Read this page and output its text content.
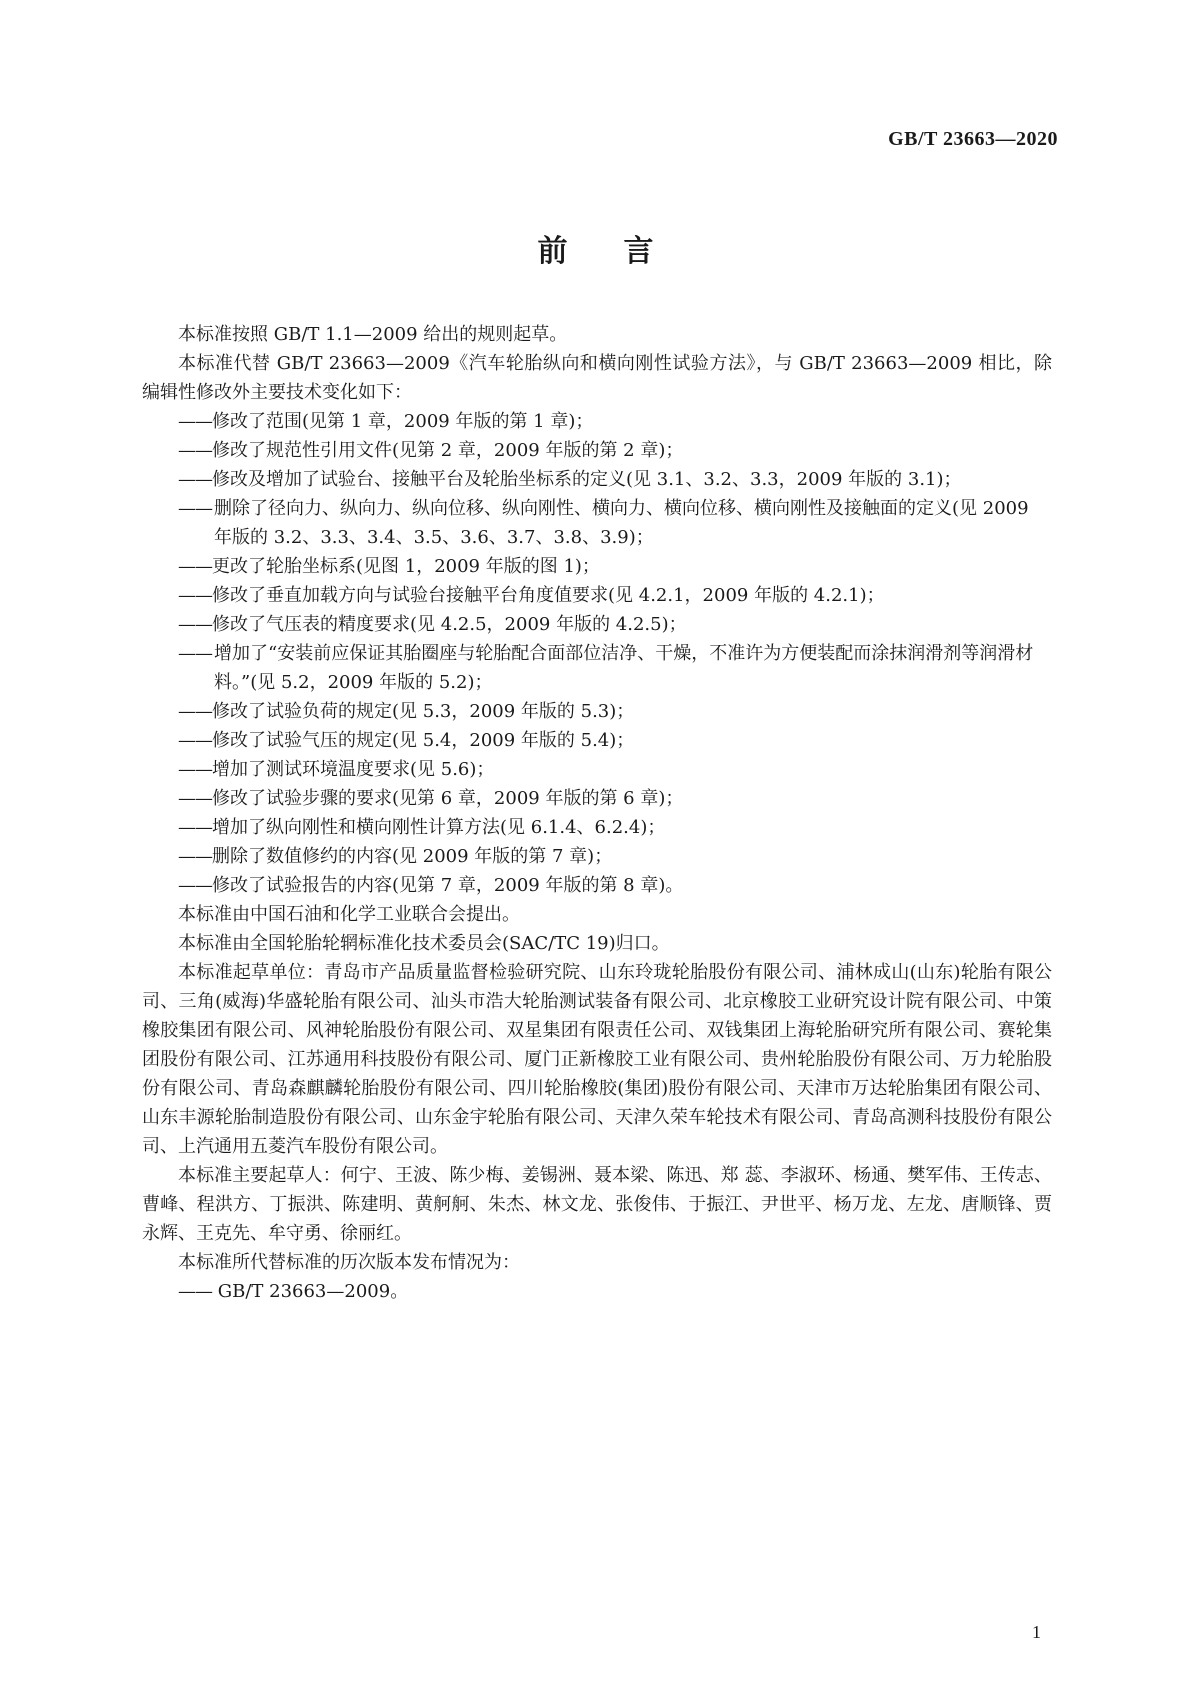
GB/T 23663—2020
前言

本标准按照 GB/T 1.1—2009 给出的规则起草。

本标准代替 GB/T 23663—2009《汽车轮胎纵向和横向刚性试验方法》，与 GB/T 23663—2009 相比，除编辑性修改外主要技术变化如下：

——修改了范围(见第 1 章，2009 年版的第 1 章)；

——修改了规范性引用文件(见第 2 章，2009 年版的第 2 章)；

——修改及增加了试验台、接触平台及轮胎坐标系的定义(见 3.1、3.2、3.3，2009 年版的 3.1)；

—— 删除了径向力、纵向力、纵向位移、纵向刚性、横向力、横向位移、横向刚性及接触面的定义(见 2009 年版的 3.2、3.3、3.4、3.5、3.6、3.7、3.8、3.9)；

——更改了轮胎坐标系(见图 1，2009 年版的图 1)；

——修改了垂直加载方向与试验台接触平台角度值要求(见 4.2.1，2009 年版的 4.2.1)；

——修改了气压表的精度要求(见 4.2.5，2009 年版的 4.2.5)；

—— 增加了“安装前应保证其胎圈座与轮胎配合面部位洁净、干燥，不准许为方便装配而涂抹润滑剂等润滑材料。”(见 5.2，2009 年版的 5.2)；

——修改了试验负荷的规定(见 5.3，2009 年版的 5.3)；

——修改了试验气压的规定(见 5.4，2009 年版的 5.4)；

——增加了测试环境温度要求(见 5.6)；

——修改了试验步骤的要求(见第 6 章，2009 年版的第 6 章)；

——增加了纵向刚性和横向刚性计算方法(见 6.1.4、6.2.4)；

——删除了数值修约的内容(见 2009 年版的第 7 章)；

——修改了试验报告的内容(见第 7 章，2009 年版的第 8 章)。

本标准由中国石油和化学工业联合会提出。

本标准由全国轮胎轮辋标准化技术委员会(SAC/TC 19)归口。

本标准起草单位：青岛市产品质量监督检验研究院、山东玲珑轮胎股份有限公司、浦林成山(山东)轮胎有限公司、三角(威海)华盛轮胎有限公司、汕头市浩大轮胎测试装备有限公司、北京橡胶工业研究设计院有限公司、中策橡胶集团有限公司、风神轮胎股份有限公司、双星集团有限责任公司、双钱集团上海轮胎研究所有限公司、赛轮集团股份有限公司、江苏通用科技股份有限公司、厦门正新橡胶工业有限公司、贵州轮胎股份有限公司、万力轮胎股份有限公司、青岛森麒麟轮胎股份有限公司、四川轮胎橡胶(集团)股份有限公司、天津市万达轮胎集团有限公司、山东丰源轮胎制造股份有限公司、山东金宇轮胎有限公司、天津久荣车轮技术有限公司、青岛高测科技股份有限公司、上汽通用五菱汽车股份有限公司。

本标准主要起草人：何宁、王波、陈少梅、姜锡洲、聂本梁、陈迅、郑 蕊、李淑环、杨通、樊军伟、王传志、曹峰、程洪方、丁振洪、陈建明、黄舸舸、朱杰、林文龙、张俊伟、于振江、尹世平、杨万龙、左龙、唐顺锋、贾永辉、王克先、牟守勇、徐丽红。

本标准所代替标准的历次版本发布情况为：

—— GB/T 23663—2009。

1
